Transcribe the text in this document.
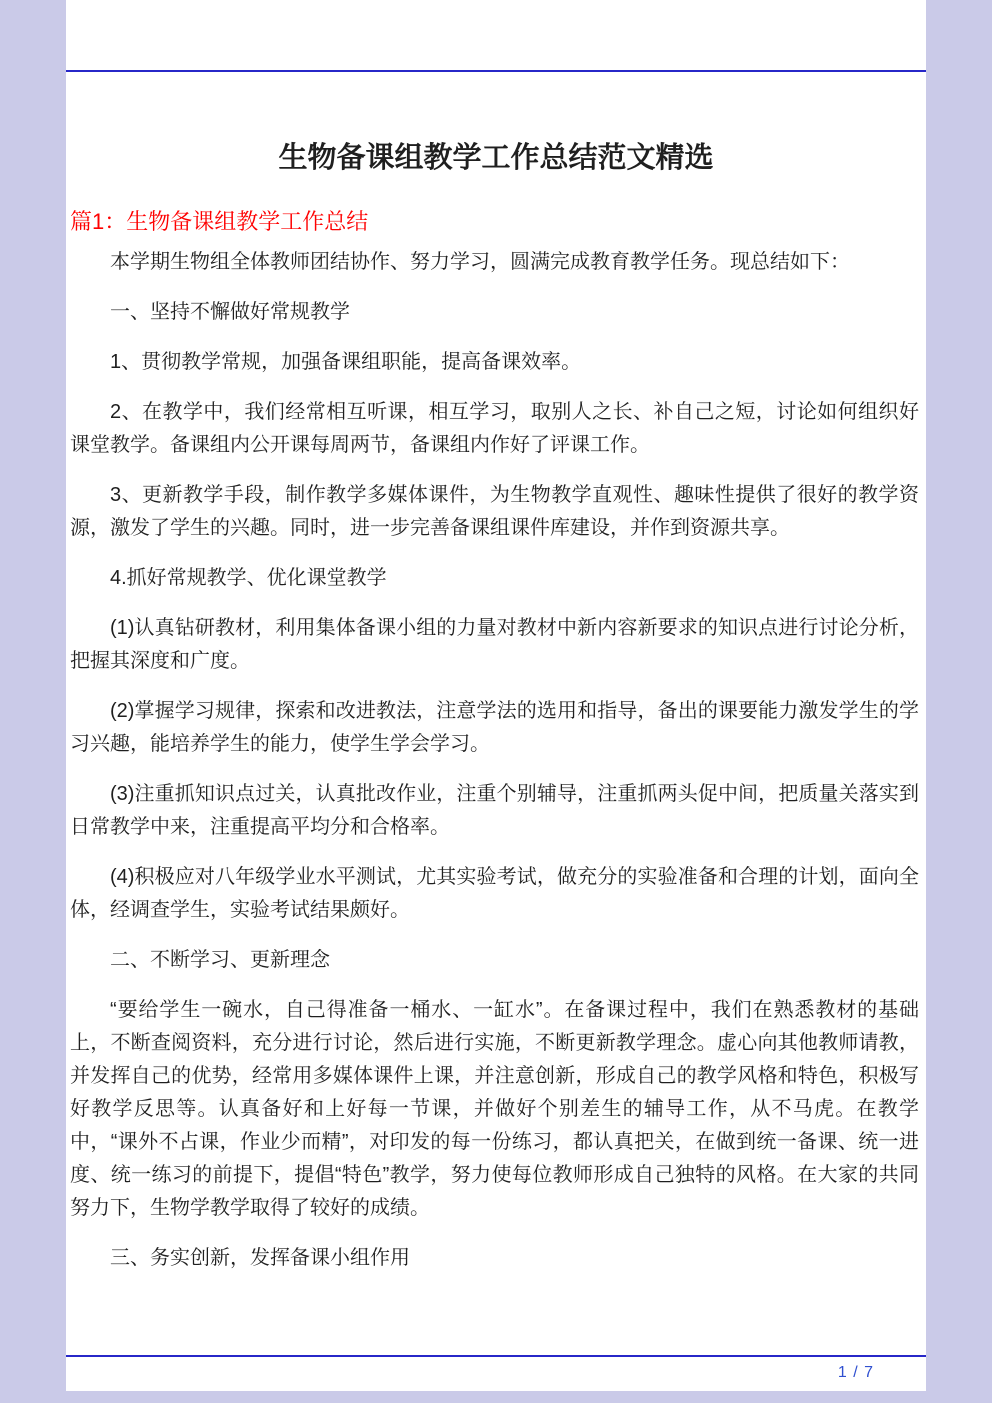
生物备课组教学工作总结范文精选
篇1：生物备课组教学工作总结

本学期生物组全体教师团结协作、努力学习，圆满完成教育教学任务。现总结如下：

一、坚持不懈做好常规教学

1、贯彻教学常规，加强备课组职能，提高备课效率。

2、在教学中，我们经常相互听课，相互学习，取别人之长、补自己之短，讨论如何组织好课堂教学。备课组内公开课每周两节，备课组内作好了评课工作。

3、更新教学手段，制作教学多媒体课件，为生物教学直观性、趣味性提供了很好的教学资源，激发了学生的兴趣。同时，进一步完善备课组课件库建设，并作到资源共享。

4.抓好常规教学、优化课堂教学

(1)认真钻研教材，利用集体备课小组的力量对教材中新内容新要求的知识点进行讨论分析，把握其深度和广度。

(2)掌握学习规律，探索和改进教法，注意学法的选用和指导，备出的课要能力激发学生的学习兴趣，能培养学生的能力，使学生学会学习。

(3)注重抓知识点过关，认真批改作业，注重个别辅导，注重抓两头促中间，把质量关落实到日常教学中来，注重提高平均分和合格率。

(4)积极应对八年级学业水平测试，尤其实验考试，做充分的实验准备和合理的计划，面向全体，经调查学生，实验考试结果颇好。

二、不断学习、更新理念

“要给学生一碗水，自己得准备一桶水、一缸水”。在备课过程中，我们在熟悉教材的基础上，不断查阅资料，充分进行讨论，然后进行实施，不断更新教学理念。虚心向其他教师请教，并发挥自己的优势，经常用多媒体课件上课，并注意创新，形成自己的教学风格和特色，积极写好教学反思等。认真备好和上好每一节课，并做好个别差生的辅导工作，从不马虎。在教学中，“课外不占课，作业少而精”，对印发的每一份练习，都认真把关，在做到统一备课、统一进度、统一练习的前提下，提倡“特色”教学，努力使每位教师形成自己独特的风格。在大家的共同努力下，生物学教学取得了较好的成绩。

三、务实创新，发挥备课小组作用

1 / 7
